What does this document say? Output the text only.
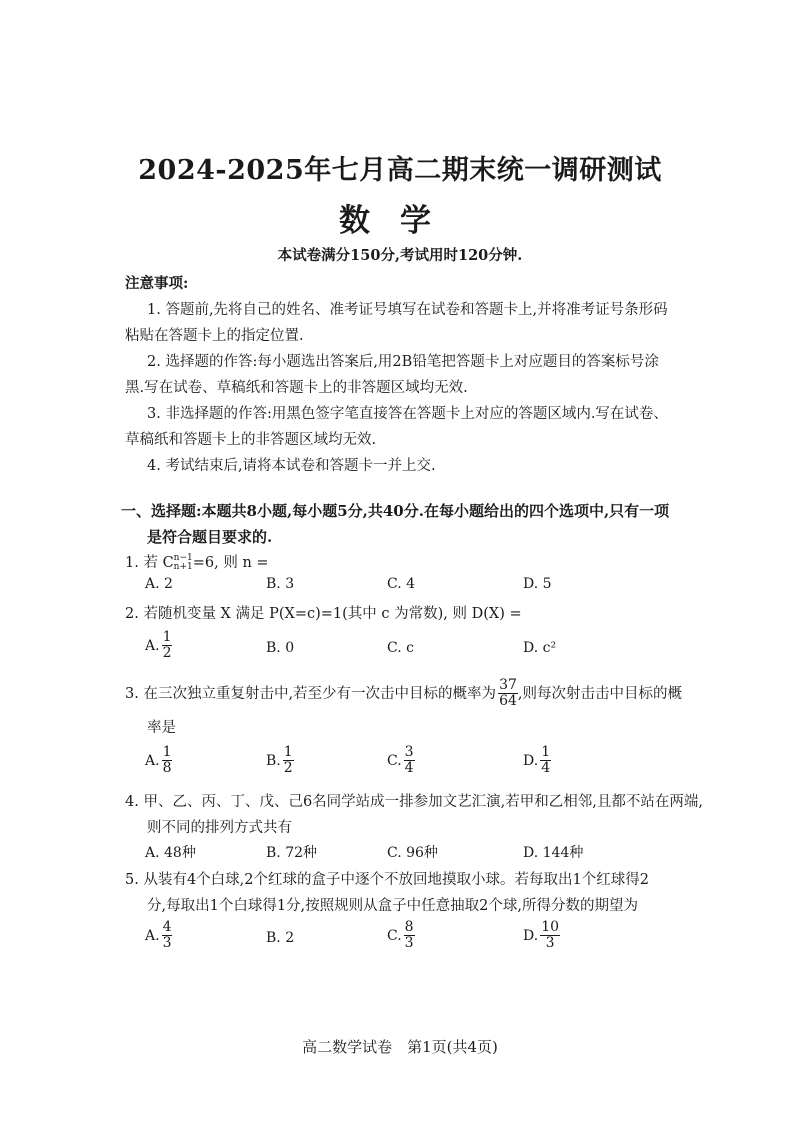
2024-2025年七月高二期末统一调研测试
数学
本试卷满分150分,考试用时120分钟.
注意事项:
1. 答题前,先将自己的姓名、准考证号填写在试卷和答题卡上,并将准考证号条形码
粘贴在答题卡上的指定位置.
2. 选择题的作答:每小题选出答案后,用2B铅笔把答题卡上对应题目的答案标号涂
黑.写在试卷、草稿纸和答题卡上的非答题区域均无效.
3. 非选择题的作答:用黑色签字笔直接答在答题卡上对应的答题区域内.写在试卷、
草稿纸和答题卡上的非答题区域均无效.
4. 考试结束后,请将本试卷和答题卡一并上交.
一、选择题:本题共8小题,每小题5分,共40分.在每小题给出的四个选项中,只有一项
是符合题目要求的.
1. 若 C n−1
n+1 =6, 则 n =
A. 2	B. 3	C. 4	D. 5
2. 若随机变量 X 满足 P(X=c)=1(其中 c 为常数), 则 D(X) =
A. $\frac{1}{2}$	B. 0	C. c	D. c²
3. 在三次独立重复射击中,若至少有一次击中目标的概率为 $\frac{37}{64}$ ,则每次射击击中目标的概
率是
A. $\frac{1}{8}$	B. $\frac{1}{2}$	C. $\frac{3}{4}$	D. $\frac{1}{4}$
4. 甲、乙、丙、丁、戊、己6名同学站成一排参加文艺汇演,若甲和乙相邻,且都不站在两端,
则不同的排列方式共有
A. 48种	B. 72种	C. 96种	D. 144种
5. 从装有4个白球,2个红球的盒子中逐个不放回地摸取小球。若每取出1个红球得2
分,每取出1个白球得1分,按照规则从盒子中任意抽取2个球,所得分数的期望为
A. $\frac{4}{3}$	B. 2	C. $\frac{8}{3}$	D. $\frac{10}{3}$
高二数学试卷　第1页(共4页)
